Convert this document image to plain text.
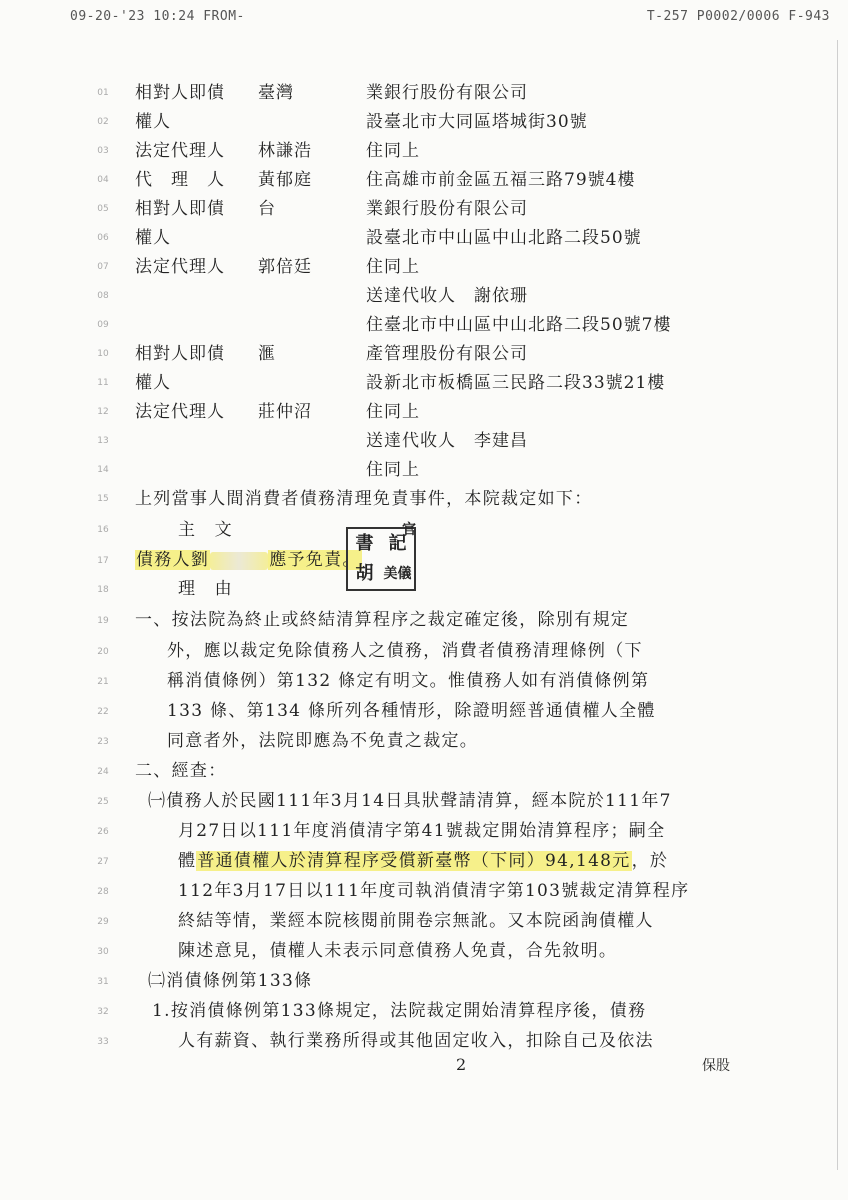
09-20-'23 10:24 FROM-	T-257 P0002/0006 F-943
01	相對人即債 臺灣	業銀行股份有限公司
02	權人	設臺北市大同區塔城街30號
03	法定代理人 林謙浩	住同上
04	代　理　人 黃郁庭	住高雄市前金區五福三路79號4樓
05	相對人即債 台	業銀行股份有限公司
06	權人	設臺北市中山區中山北路二段50號
07	法定代理人 郭倍廷	住同上
08	送達代收人　謝依珊
09	住臺北市中山區中山北路二段50號7樓
10	相對人即債 滙	產管理股份有限公司
11	權人	設新北市板橋區三民路二段33號21樓
12	法定代理人 莊仲沼	住同上
13	送達代收人　李建昌
14	住同上
15	上列當事人間消費者債務清理免責事件，本院裁定如下：
16	主　文
17	債務人劉	應予免責。
書 記
胡 美儀
官
18	理　由
19	一、按法院為終止或終結清算程序之裁定確定後，除別有規定
20	外，應以裁定免除債務人之債務，消費者債務清理條例（下
21	稱消債條例）第132 條定有明文。惟債務人如有消債條例第
22	133 條、第134 條所列各種情形，除證明經普通債權人全體
23	同意者外，法院即應為不免責之裁定。
24	二、經查：
25	㈠債務人於民國111年3月14日具狀聲請清算，經本院於111年7
26	月27日以111年度消債清字第41號裁定開始清算程序；嗣全
27	體普通債權人於清算程序受償新臺幣（下同）94,148元，於
28	112年3月17日以111年度司執消債清字第103號裁定清算程序
29	終結等情，業經本院核閱前開卷宗無訛。又本院函詢債權人
30	陳述意見，債權人未表示同意債務人免責，合先敘明。
31	㈡消債條例第133條
32	1.按消債條例第133條規定，法院裁定開始清算程序後，債務
33	人有薪資、執行業務所得或其他固定收入，扣除自己及依法
2	保股
